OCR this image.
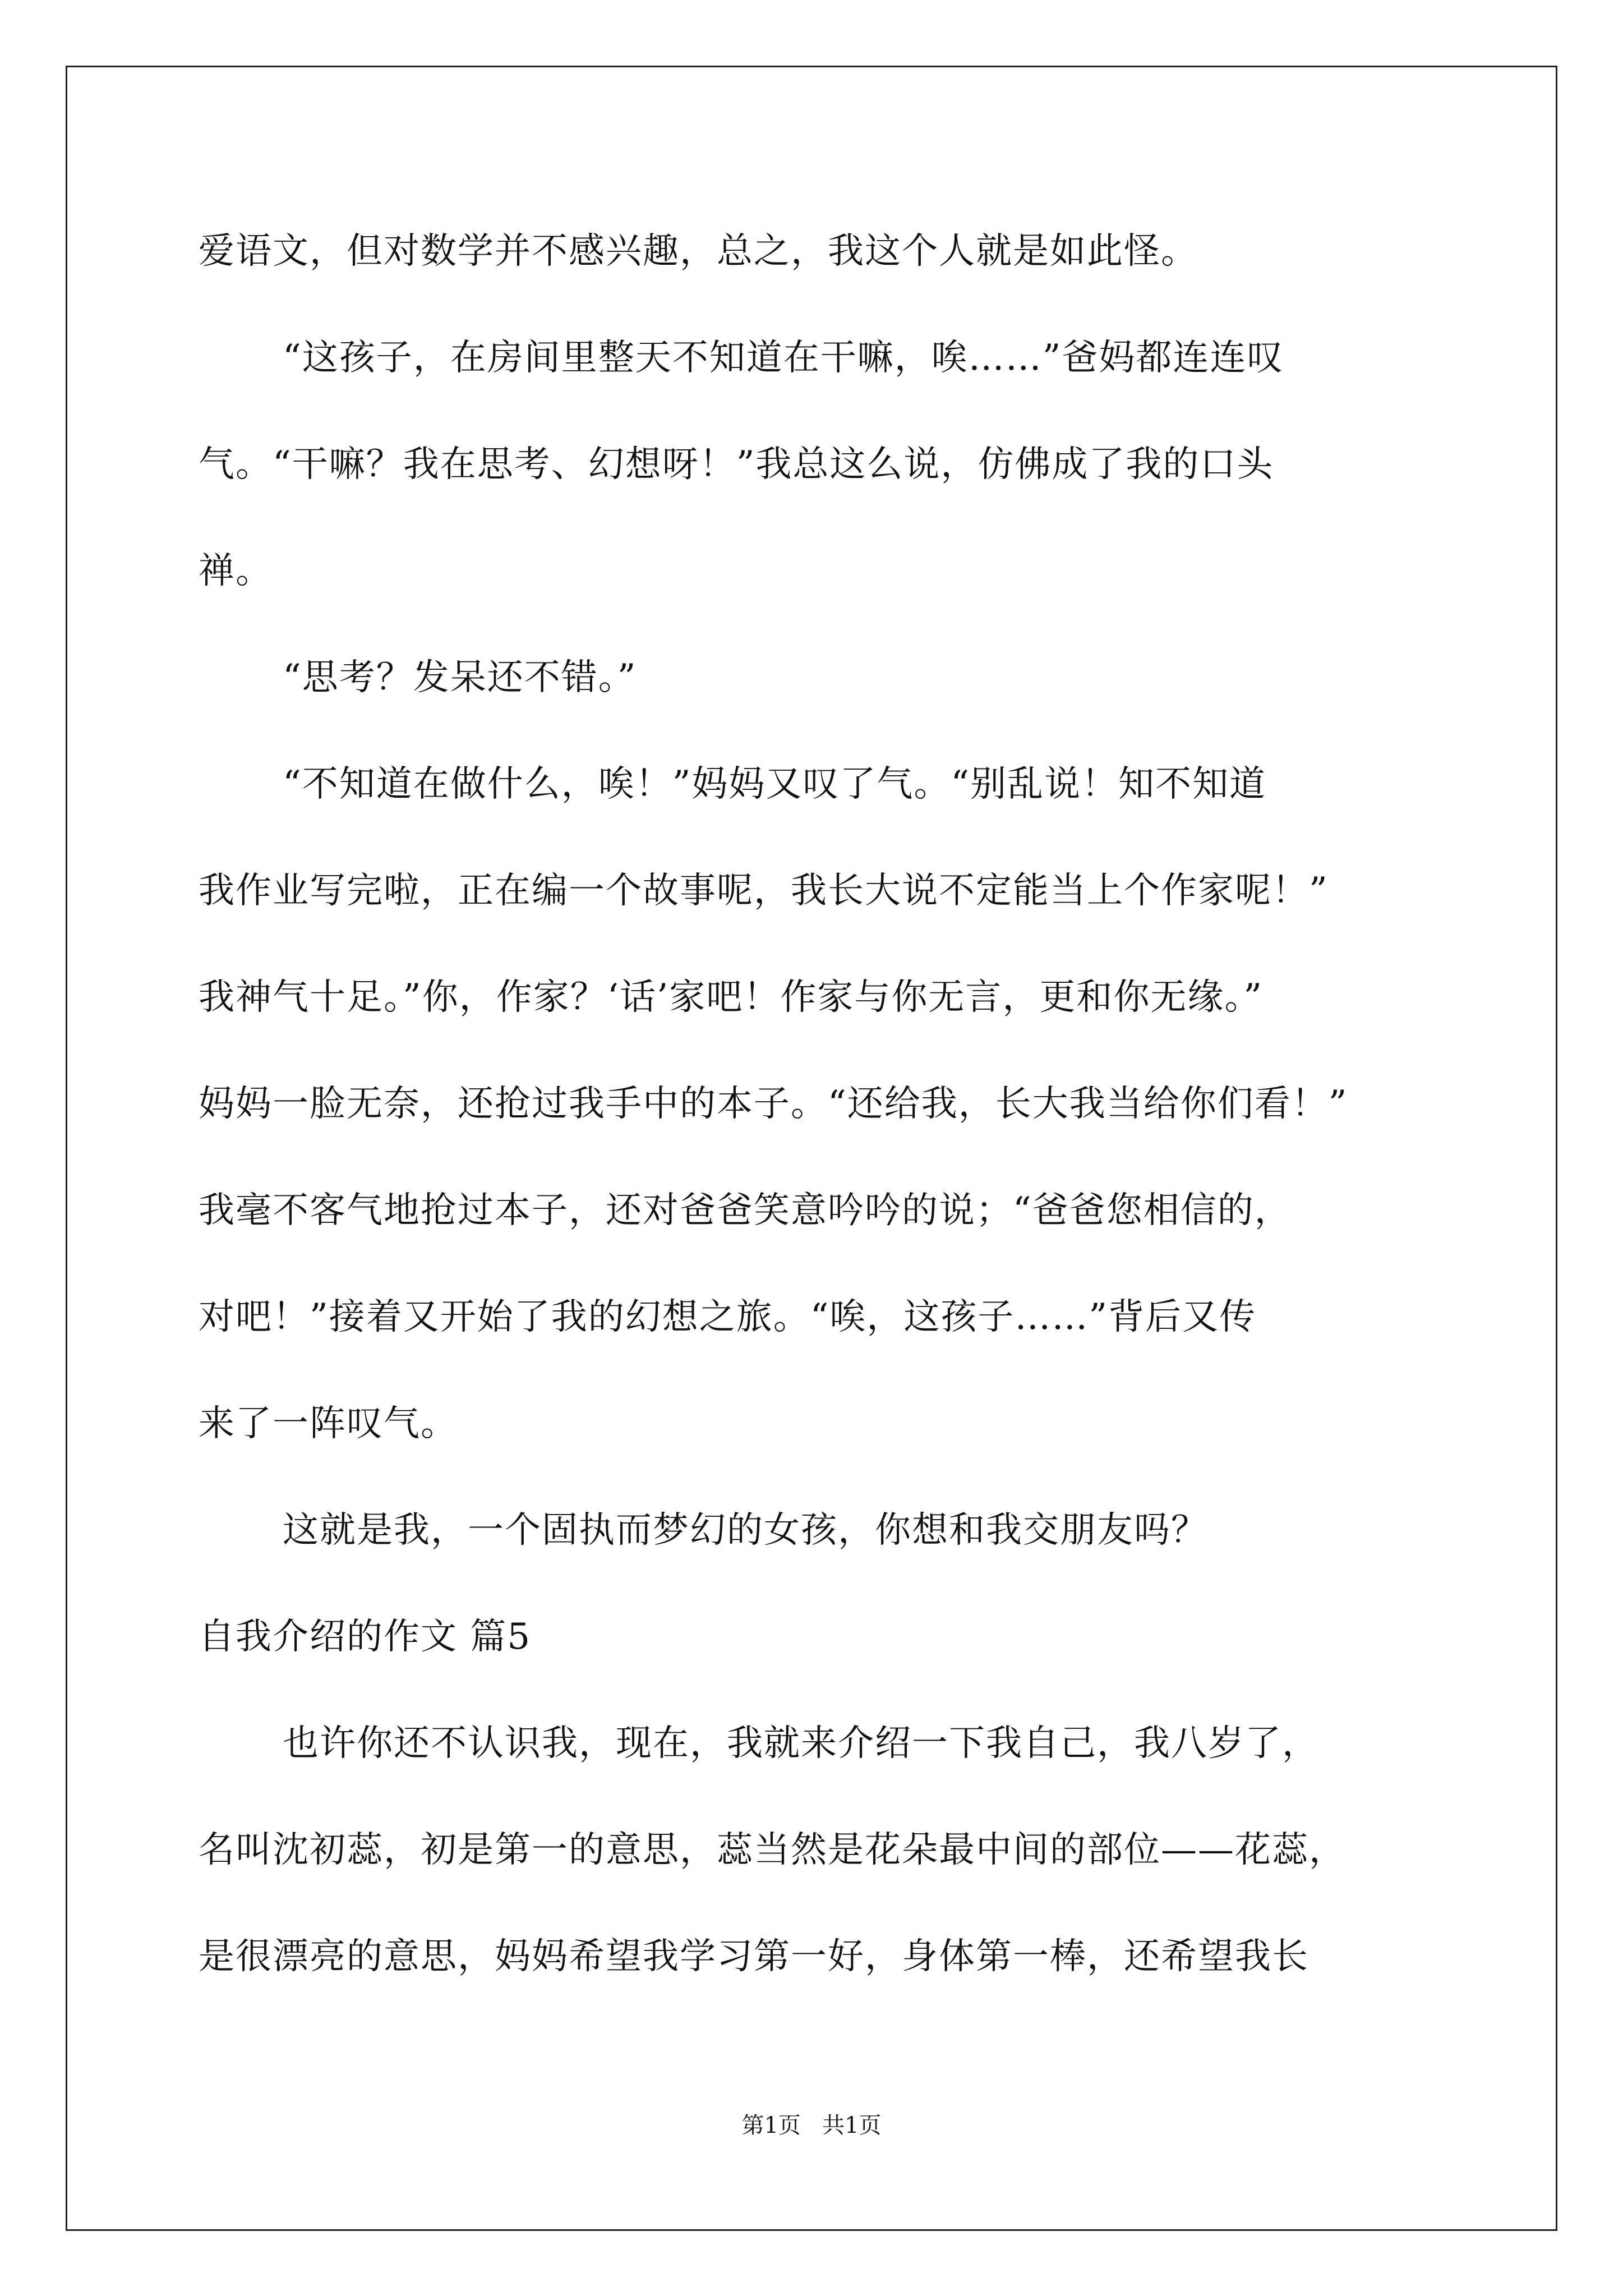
爱语文，但对数学并不感兴趣，总之，我这个人就是如此怪。
“这孩子，在房间里整天不知道在干嘛，唉……”爸妈都连连叹
气。“干嘛？我在思考、幻想呀！”我总这么说，仿佛成了我的口头
禅。
“思考？发呆还不错。”
“不知道在做什么，唉！”妈妈又叹了气。“别乱说！知不知道
我作业写完啦，正在编一个故事呢，我长大说不定能当上个作家呢！”
我神气十足。”你，作家？‘话’家吧！作家与你无言，更和你无缘。”
妈妈一脸无奈，还抢过我手中的本子。“还给我，长大我当给你们看！”
我毫不客气地抢过本子，还对爸爸笑意吟吟的说；“爸爸您相信的，
对吧！”接着又开始了我的幻想之旅。“唉，这孩子……”背后又传
来了一阵叹气。
这就是我，一个固执而梦幻的女孩，你想和我交朋友吗？
自我介绍的作文 篇5
也许你还不认识我，现在，我就来介绍一下我自己，我八岁了，
名叫沈初蕊，初是第一的意思，蕊当然是花朵最中间的部位——花蕊，
是很漂亮的意思，妈妈希望我学习第一好，身体第一棒，还希望我长
第1页   共1页
